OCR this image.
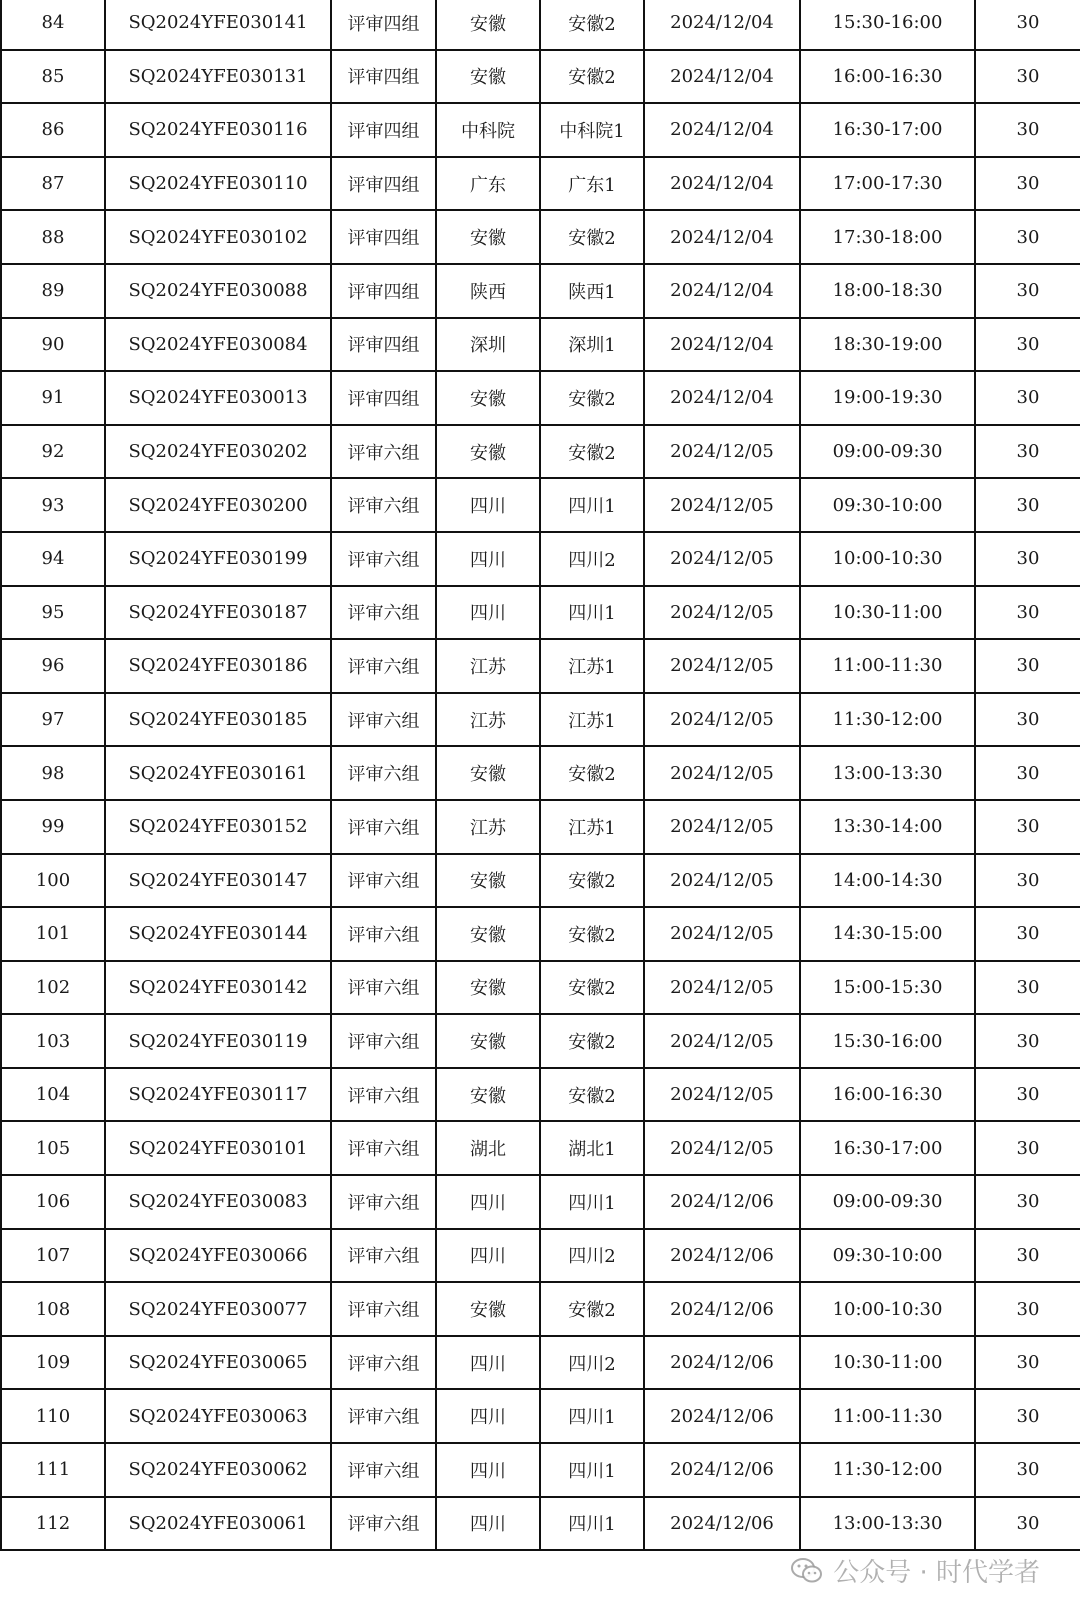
84	SQ2024YFE030141	评审四组	安徽	安徽2	2024/12/04	15:30-16:00	30
85	SQ2024YFE030131	评审四组	安徽	安徽2	2024/12/04	16:00-16:30	30
86	SQ2024YFE030116	评审四组	中科院	中科院1	2024/12/04	16:30-17:00	30
87	SQ2024YFE030110	评审四组	广东	广东1	2024/12/04	17:00-17:30	30
88	SQ2024YFE030102	评审四组	安徽	安徽2	2024/12/04	17:30-18:00	30
89	SQ2024YFE030088	评审四组	陕西	陕西1	2024/12/04	18:00-18:30	30
90	SQ2024YFE030084	评审四组	深圳	深圳1	2024/12/04	18:30-19:00	30
91	SQ2024YFE030013	评审四组	安徽	安徽2	2024/12/04	19:00-19:30	30
92	SQ2024YFE030202	评审六组	安徽	安徽2	2024/12/05	09:00-09:30	30
93	SQ2024YFE030200	评审六组	四川	四川1	2024/12/05	09:30-10:00	30
94	SQ2024YFE030199	评审六组	四川	四川2	2024/12/05	10:00-10:30	30
95	SQ2024YFE030187	评审六组	四川	四川1	2024/12/05	10:30-11:00	30
96	SQ2024YFE030186	评审六组	江苏	江苏1	2024/12/05	11:00-11:30	30
97	SQ2024YFE030185	评审六组	江苏	江苏1	2024/12/05	11:30-12:00	30
98	SQ2024YFE030161	评审六组	安徽	安徽2	2024/12/05	13:00-13:30	30
99	SQ2024YFE030152	评审六组	江苏	江苏1	2024/12/05	13:30-14:00	30
100	SQ2024YFE030147	评审六组	安徽	安徽2	2024/12/05	14:00-14:30	30
101	SQ2024YFE030144	评审六组	安徽	安徽2	2024/12/05	14:30-15:00	30
102	SQ2024YFE030142	评审六组	安徽	安徽2	2024/12/05	15:00-15:30	30
103	SQ2024YFE030119	评审六组	安徽	安徽2	2024/12/05	15:30-16:00	30
104	SQ2024YFE030117	评审六组	安徽	安徽2	2024/12/05	16:00-16:30	30
105	SQ2024YFE030101	评审六组	湖北	湖北1	2024/12/05	16:30-17:00	30
106	SQ2024YFE030083	评审六组	四川	四川1	2024/12/06	09:00-09:30	30
107	SQ2024YFE030066	评审六组	四川	四川2	2024/12/06	09:30-10:00	30
108	SQ2024YFE030077	评审六组	安徽	安徽2	2024/12/06	10:00-10:30	30
109	SQ2024YFE030065	评审六组	四川	四川2	2024/12/06	10:30-11:00	30
110	SQ2024YFE030063	评审六组	四川	四川1	2024/12/06	11:00-11:30	30
111	SQ2024YFE030062	评审六组	四川	四川1	2024/12/06	11:30-12:00	30
112	SQ2024YFE030061	评审六组	四川	四川1	2024/12/06	13:00-13:30	30
公众号 · 时代学者
